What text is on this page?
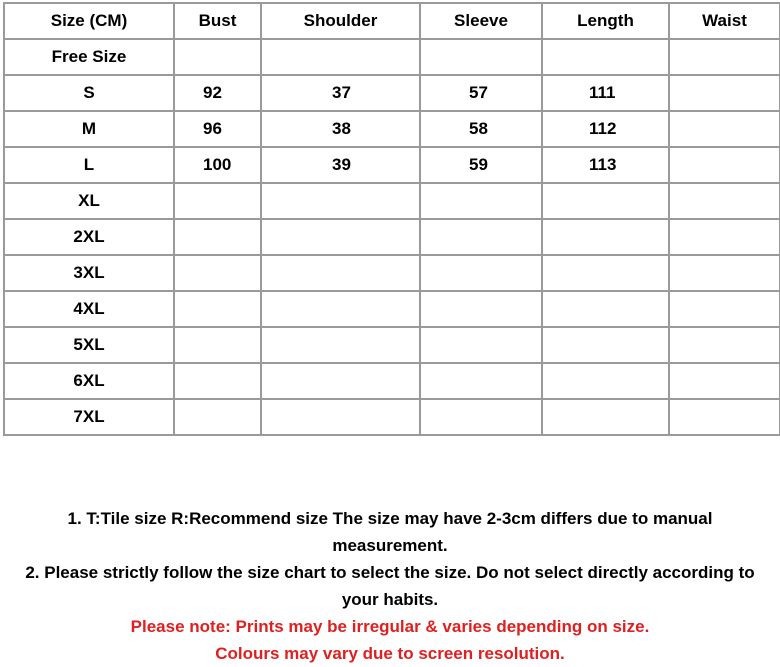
Size (CM)	Bust	Shoulder	Sleeve	Length	Waist
Free Size					
S	92	37	57	111	
M	96	38	58	112	
L	100	39	59	113	
XL					
2XL					
3XL					
4XL					
5XL					
6XL					
7XL					

1. T:Tile size R:Recommend size The size may have 2-3cm differs due to manual measurement.

2. Please strictly follow the size chart to select the size. Do not select directly according to your habits.

Please note: Prints may be irregular & varies depending on size.

Colours may vary due to screen resolution.
